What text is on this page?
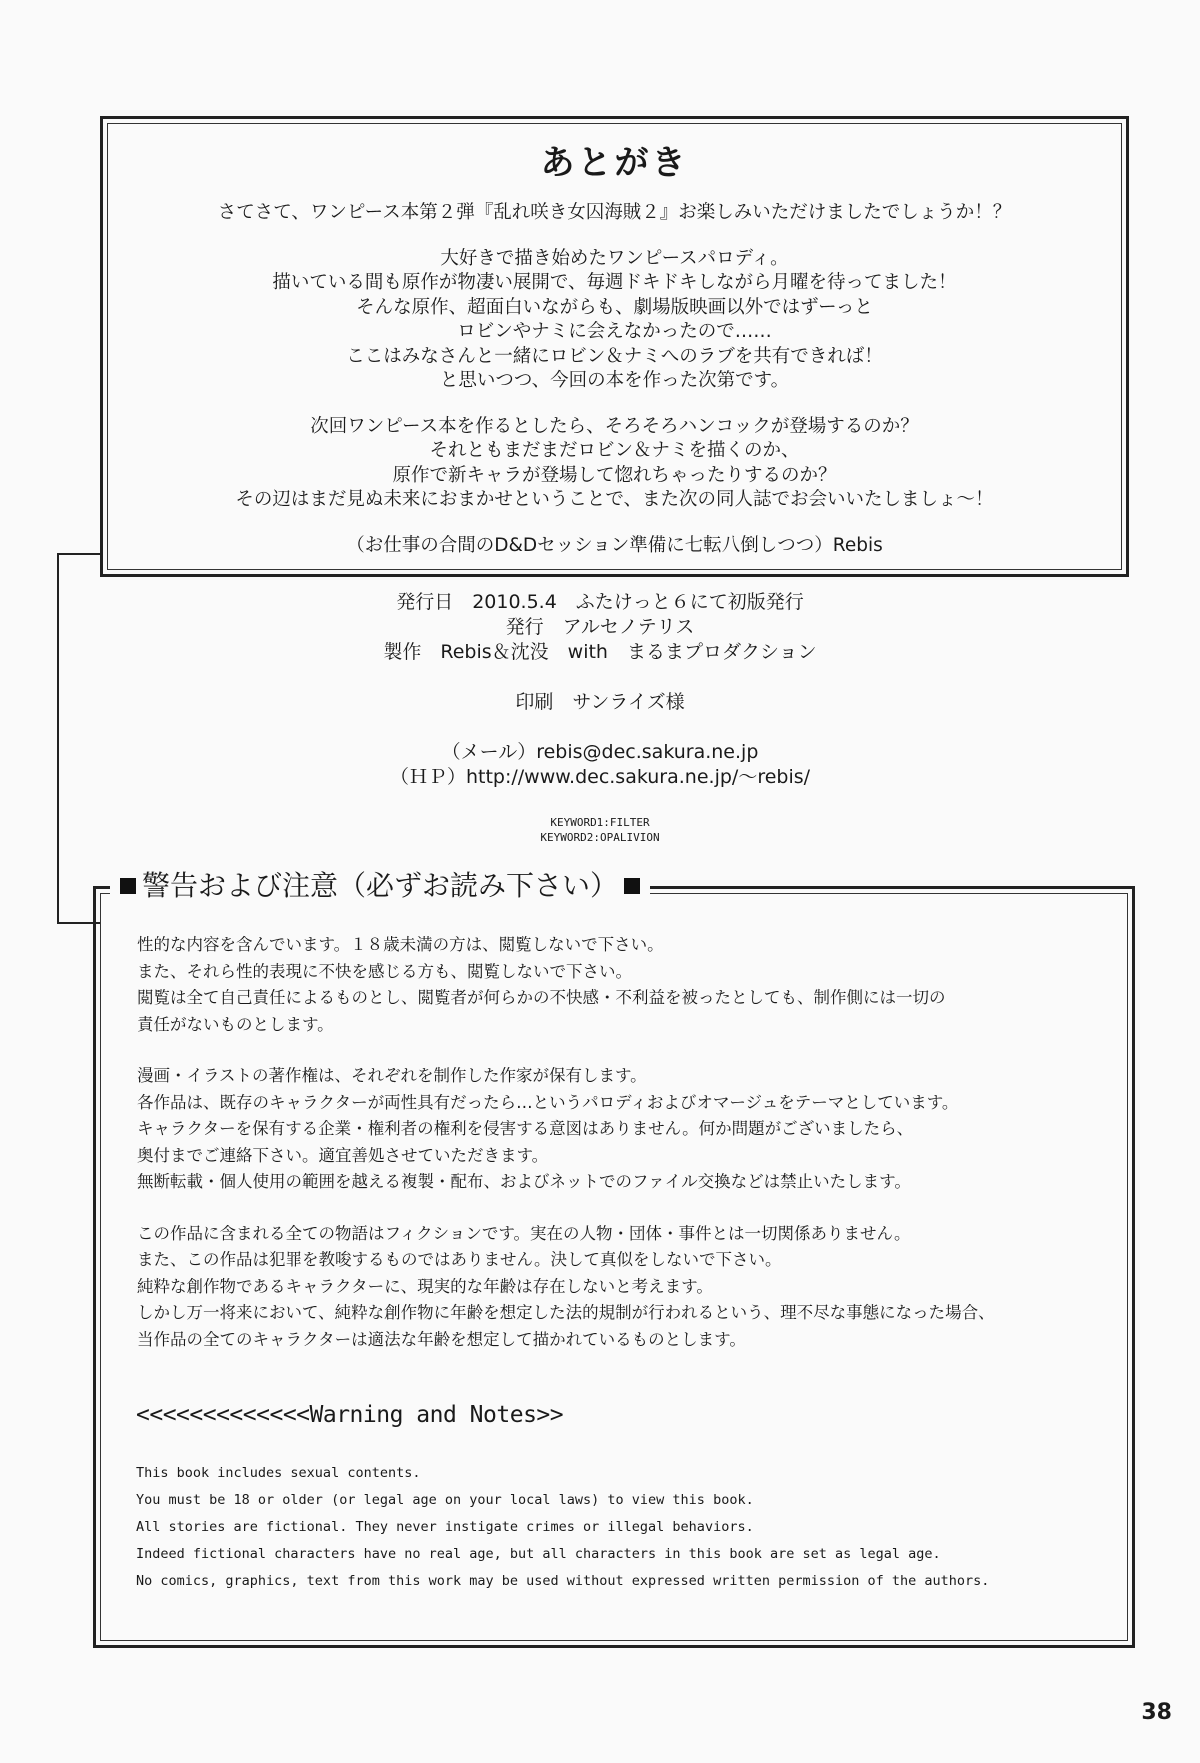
あとがき
さてさて、ワンピース本第２弾『乱れ咲き女囚海賊２』お楽しみいただけましたでしょうか！？
大好きで描き始めたワンピースパロディ。
描いている間も原作が物凄い展開で、毎週ドキドキしながら月曜を待ってました！
そんな原作、超面白いながらも、劇場版映画以外ではずーっと
ロビンやナミに会えなかったので……
ここはみなさんと一緒にロビン＆ナミへのラブを共有できれば！
と思いつつ、今回の本を作った次第です。
次回ワンピース本を作るとしたら、そろそろハンコックが登場するのか？
それともまだまだロビン＆ナミを描くのか、
原作で新キャラが登場して惚れちゃったりするのか？
その辺はまだ見ぬ未来におまかせということで、また次の同人誌でお会いいたしましょ～！
（お仕事の合間のD&Dセッション準備に七転八倒しつつ）Rebis
発行日　2010.5.4　ふたけっと６にて初版発行
発行　アルセノテリス
製作　Rebis＆沈没　with　まるまプロダクション
印刷　サンライズ様
（メール）rebis@dec.sakura.ne.jp
（ＨＰ）http://www.dec.sakura.ne.jp/～rebis/
KEYWORD1:FILTER
KEYWORD2:OPALIVION
警告および注意（必ずお読み下さい）
性的な内容を含んでいます。１８歳未満の方は、閲覧しないで下さい。
また、それら性的表現に不快を感じる方も、閲覧しないで下さい。
閲覧は全て自己責任によるものとし、閲覧者が何らかの不快感・不利益を被ったとしても、制作側には一切の
責任がないものとします。
漫画・イラストの著作権は、それぞれを制作した作家が保有します。
各作品は、既存のキャラクターが両性具有だったら…というパロディおよびオマージュをテーマとしています。
キャラクターを保有する企業・権利者の権利を侵害する意図はありません。何か問題がございましたら、
奥付までご連絡下さい。適宜善処させていただきます。
無断転載・個人使用の範囲を越える複製・配布、およびネットでのファイル交換などは禁止いたします。
この作品に含まれる全ての物語はフィクションです。実在の人物・団体・事件とは一切関係ありません。
また、この作品は犯罪を教唆するものではありません。決して真似をしないで下さい。
純粋な創作物であるキャラクターに、現実的な年齢は存在しないと考えます。
しかし万一将来において、純粋な創作物に年齢を想定した法的規制が行われるという、理不尽な事態になった場合、
当作品の全てのキャラクターは適法な年齢を想定して描かれているものとします。
<<<<<<<<<<<<<Warning and Notes>>
This book includes sexual contents.
You must be 18 or older (or legal age on your local laws) to view this book.
All stories are fictional. They never instigate crimes or illegal behaviors.
Indeed fictional characters have no real age, but all characters in this book are set as legal age.
No comics, graphics, text from this work may be used without expressed written permission of the authors.
38
